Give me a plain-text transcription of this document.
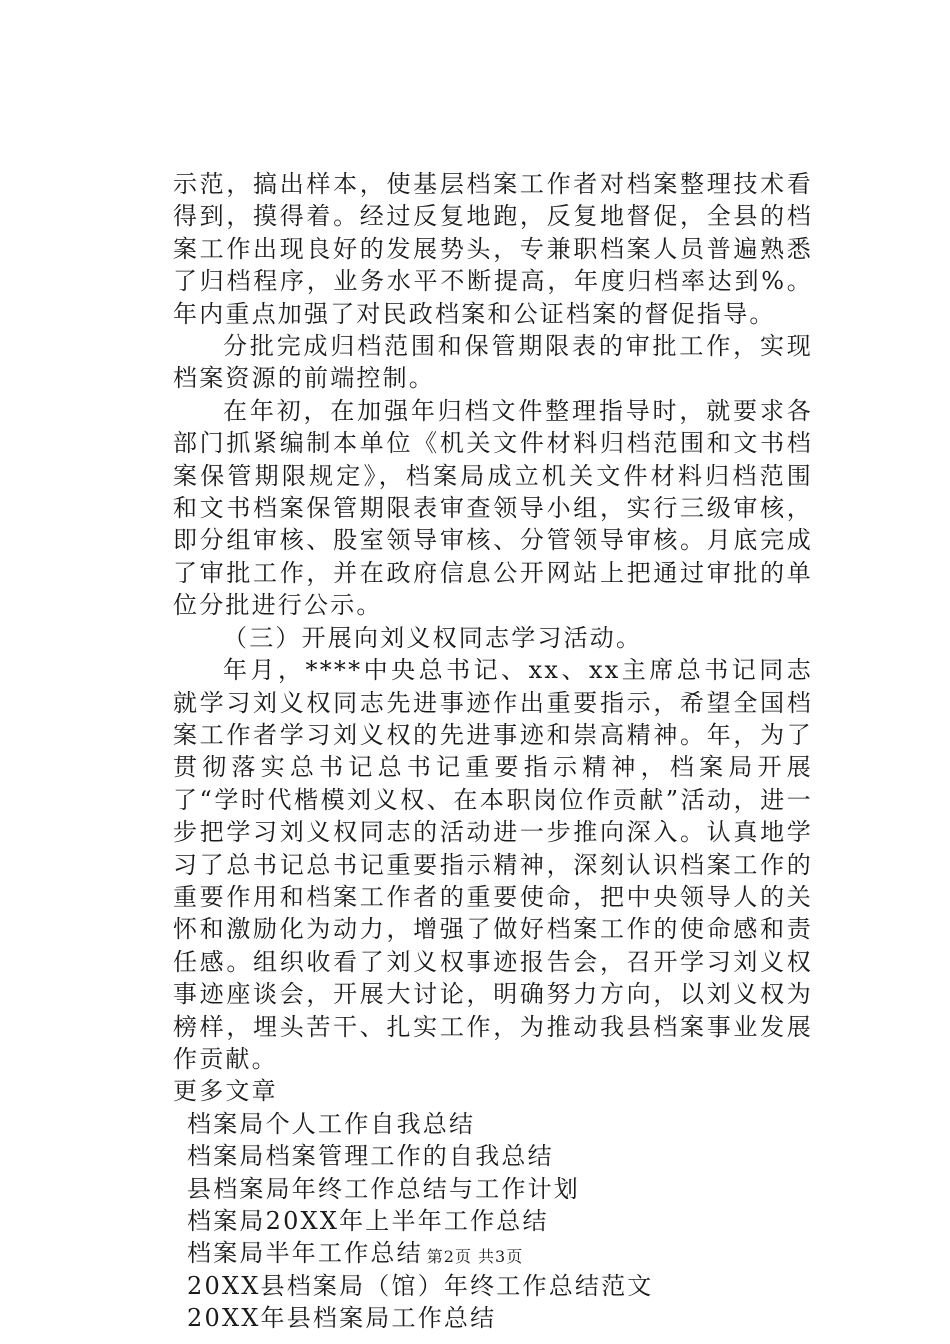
示范，搞出样本，使基层档案工作者对档案整理技术看得到，摸得着。经过反复地跑，反复地督促，全县的档案工作出现良好的发展势头，专兼职档案人员普遍熟悉了归档程序，业务水平不断提高，年度归档率达到%。年内重点加强了对民政档案和公证档案的督促指导。

分批完成归档范围和保管期限表的审批工作，实现档案资源的前端控制。

在年初，在加强年归档文件整理指导时，就要求各部门抓紧编制本单位《机关文件材料归档范围和文书档案保管期限规定》，档案局成立机关文件材料归档范围和文书档案保管期限表审查领导小组，实行三级审核，即分组审核、股室领导审核、分管领导审核。月底完成了审批工作，并在政府信息公开网站上把通过审批的单位分批进行公示。

（三）开展向刘义权同志学习活动。

年月，****中央总书记、xx、xx主席总书记同志就学习刘义权同志先进事迹作出重要指示，希望全国档案工作者学习刘义权的先进事迹和崇高精神。年，为了贯彻落实总书记总书记重要指示精神，档案局开展了“学时代楷模刘义权、在本职岗位作贡献”活动，进一步把学习刘义权同志的活动进一步推向深入。认真地学习了总书记总书记重要指示精神，深刻认识档案工作的重要作用和档案工作者的重要使命，把中央领导人的关怀和激励化为动力，增强了做好档案工作的使命感和责任感。组织收看了刘义权事迹报告会，召开学习刘义权事迹座谈会，开展大讨论，明确努力方向，以刘义权为榜样，埋头苦干、扎实工作，为推动我县档案事业发展作贡献。

更多文章

档案局个人工作自我总结
档案局档案管理工作的自我总结
县档案局年终工作总结与工作计划
档案局20XX年上半年工作总结
档案局半年工作总结
20XX县档案局（馆）年终工作总结范文
20XX年县档案局工作总结
第2页 共3页
